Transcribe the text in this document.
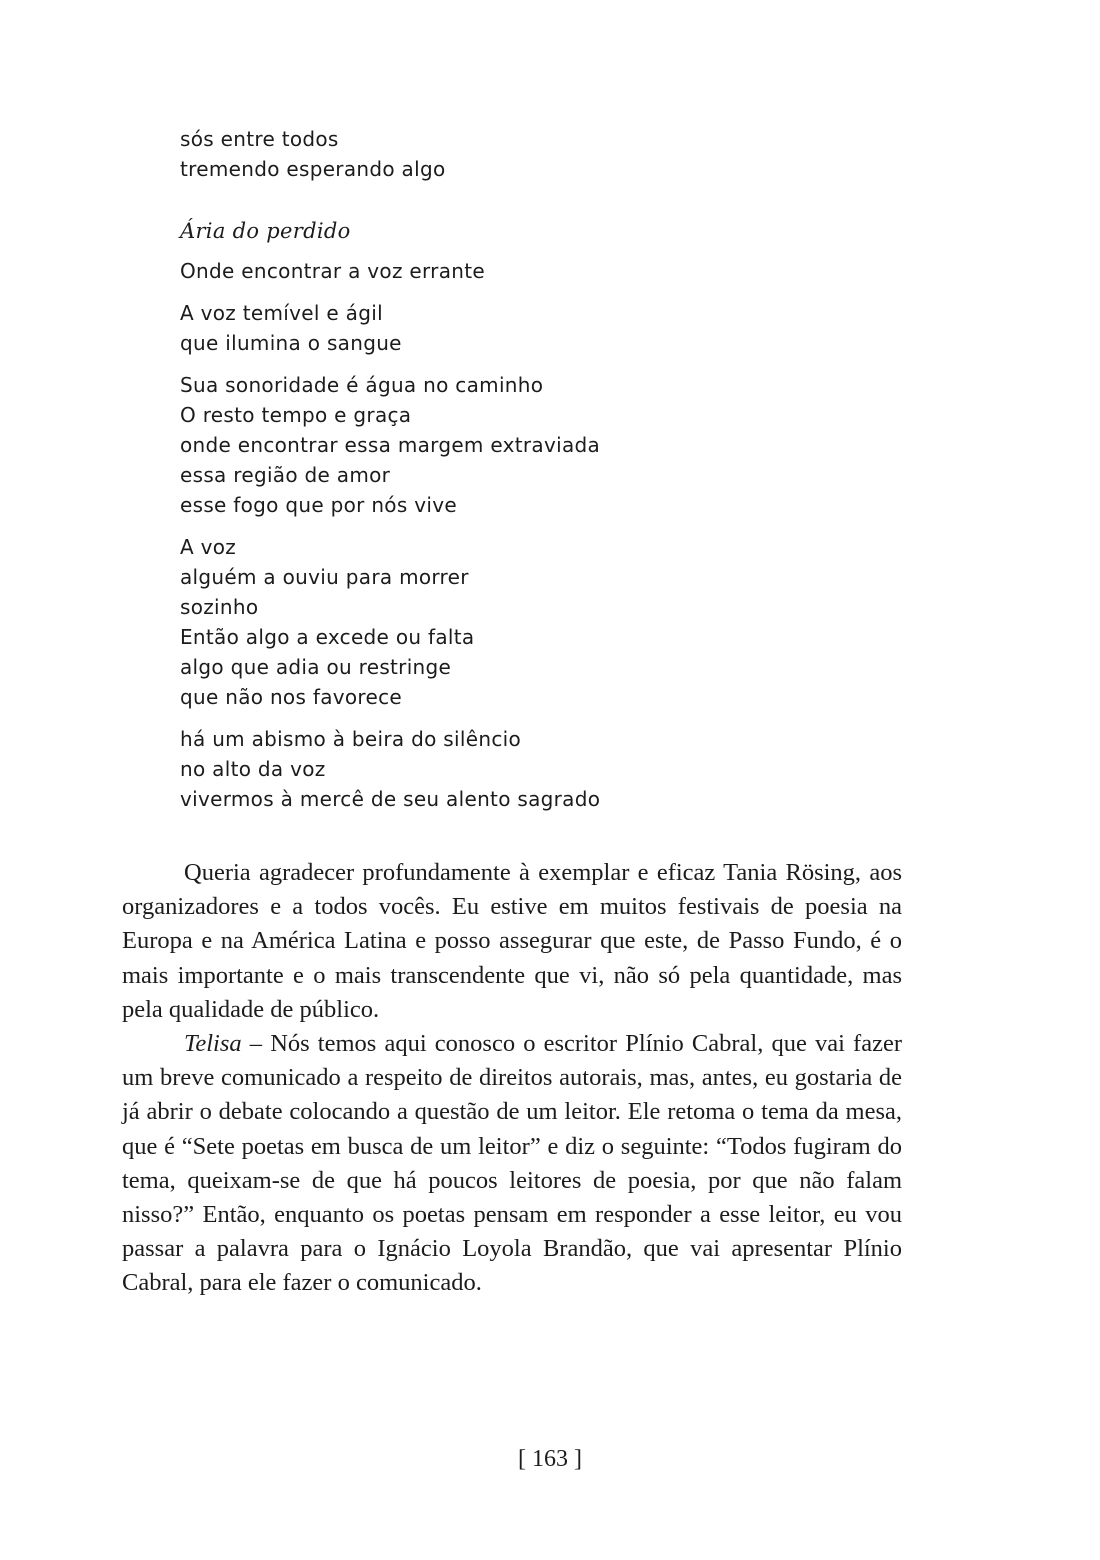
sós entre todos
tremendo esperando algo
Ária do perdido
Onde encontrar a voz errante
A voz temível e ágil
que ilumina o sangue
Sua sonoridade é água no caminho
O resto tempo e graça
onde encontrar essa margem extraviada
essa região de amor
esse fogo que por nós vive
A voz
alguém a ouviu para morrer
sozinho
Então algo a excede ou falta
algo que adia ou restringe
que não nos favorece
há um abismo à beira do silêncio
no alto da voz
vivermos à mercê de seu alento sagrado

Queria agradecer profundamente à exemplar e eficaz Tania Rösing, aos organizadores e a todos vocês. Eu estive em muitos festivais de poesia na Europa e na América Latina e posso assegurar que este, de Passo Fundo, é o mais importante e o mais transcendente que vi, não só pela quantidade, mas pela qualidade de público.

Telisa – Nós temos aqui conosco o escritor Plínio Cabral, que vai fazer um breve comunicado a respeito de direitos autorais, mas, antes, eu gostaria de já abrir o debate colocando a questão de um leitor. Ele retoma o tema da mesa, que é “Sete poetas em busca de um leitor” e diz o seguinte: “Todos fugiram do tema, queixam-se de que há poucos leitores de poesia, por que não falam nisso?” Então, enquanto os poetas pensam em responder a esse leitor, eu vou passar a palavra para o Ignácio Loyola Brandão, que vai apresentar Plínio Cabral, para ele fazer o comunicado.

[ 163 ]
